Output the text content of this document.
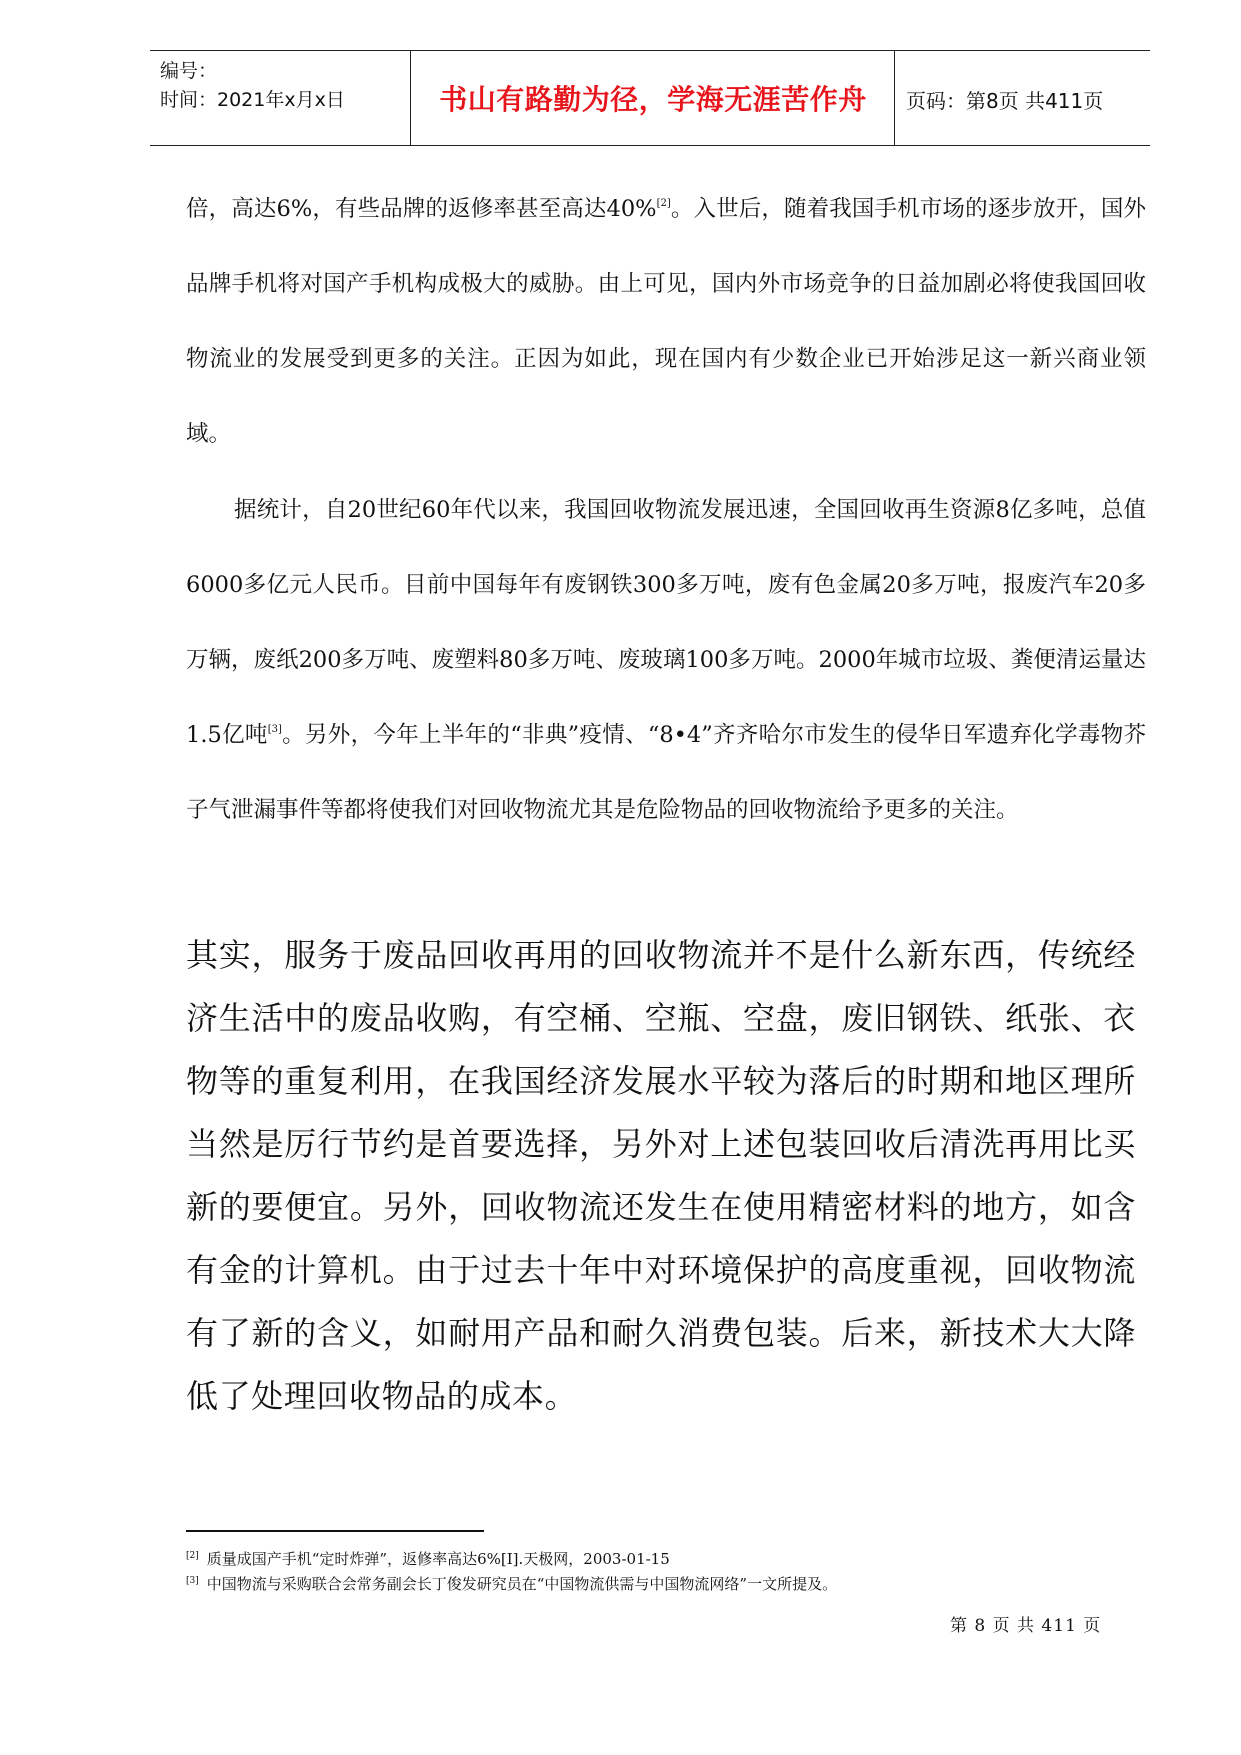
编号：
时间：2021年x月x日	书山有路勤为径，学海无涯苦作舟	页码：第8页 共411页

倍，高达6%，有些品牌的返修率甚至高达40%[2]。入世后，随着我国手机市场的逐步放开，国外品牌手机将对国产手机构成极大的威胁。由上可见，国内外市场竞争的日益加剧必将使我国回收物流业的发展受到更多的关注。正因为如此，现在国内有少数企业已开始涉足这一新兴商业领域。

据统计，自20世纪60年代以来，我国回收物流发展迅速，全国回收再生资源8亿多吨，总值6000多亿元人民币。目前中国每年有废钢铁300多万吨，废有色金属20多万吨，报废汽车20多万辆，废纸200多万吨、废塑料80多万吨、废玻璃100多万吨。2000年城市垃圾、粪便清运量达1.5亿吨[3]。另外，今年上半年的“非典”疫情、“8•4”齐齐哈尔市发生的侵华日军遗弃化学毒物芥子气泄漏事件等都将使我们对回收物流尤其是危险物品的回收物流给予更多的关注。

其实，服务于废品回收再用的回收物流并不是什么新东西，传统经济生活中的废品收购，有空桶、空瓶、空盘，废旧钢铁、纸张、衣物等的重复利用，在我国经济发展水平较为落后的时期和地区理所当然是厉行节约是首要选择，另外对上述包装回收后清洗再用比买新的要便宜。另外，回收物流还发生在使用精密材料的地方，如含有金的计算机。由于过去十年中对环境保护的高度重视，回收物流有了新的含义，如耐用产品和耐久消费包装。后来，新技术大大降低了处理回收物品的成本。

[2] 质量成国产手机“定时炸弹”，返修率高达6%[I].天极网，2003-01-15
[3] 中国物流与采购联合会常务副会长丁俊发研究员在“中国物流供需与中国物流网络”一文所提及。
第 8 页 共 411 页
